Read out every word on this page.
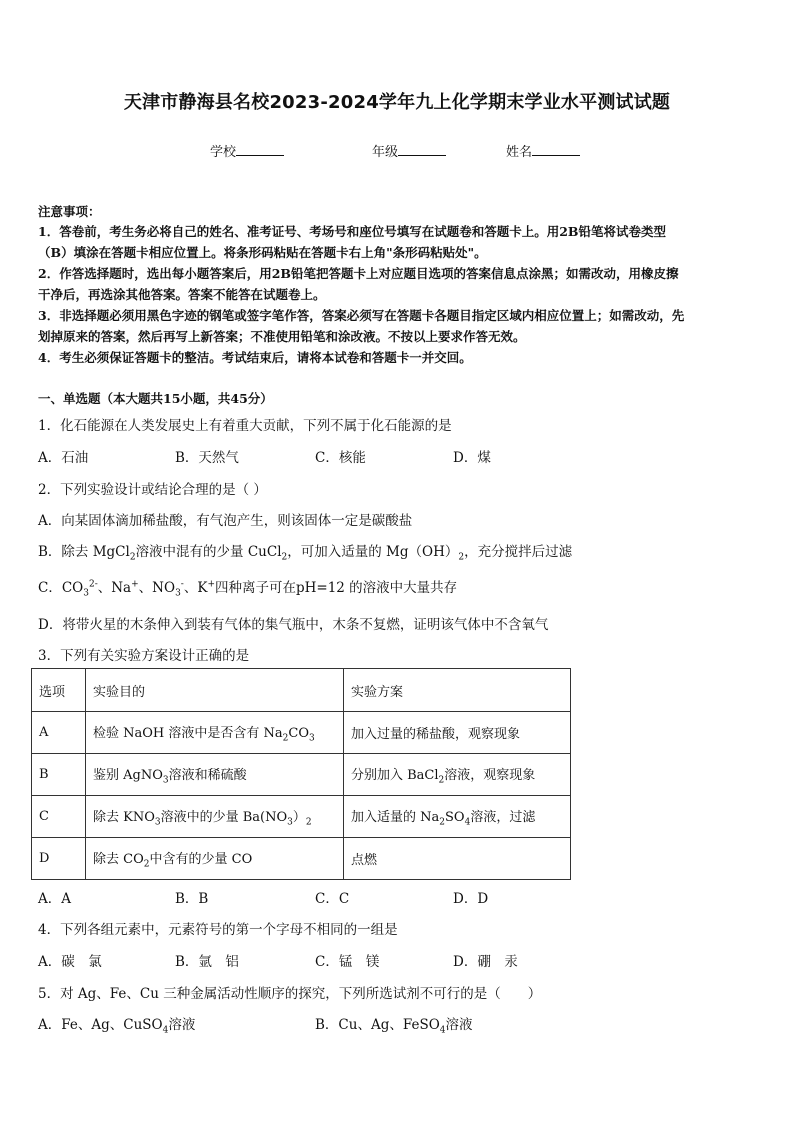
天津市静海县名校2023-2024学年九上化学期末学业水平测试试题
学校	年级	姓名
注意事项：
1．答卷前，考生务必将自己的姓名、准考证号、考场号和座位号填写在试题卷和答题卡上。用2B铅笔将试卷类型
（B）填涂在答题卡相应位置上。将条形码粘贴在答题卡右上角"条形码粘贴处"。
2．作答选择题时，选出每小题答案后，用2B铅笔把答题卡上对应题目选项的答案信息点涂黑；如需改动，用橡皮擦
干净后，再选涂其他答案。答案不能答在试题卷上。
3．非选择题必须用黑色字迹的钢笔或签字笔作答，答案必须写在答题卡各题目指定区域内相应位置上；如需改动，先
划掉原来的答案，然后再写上新答案；不准使用铅笔和涂改液。不按以上要求作答无效。
4．考生必须保证答题卡的整洁。考试结束后，请将本试卷和答题卡一并交回。
一、单选题（本大题共15小题，共45分）
1．化石能源在人类发展史上有着重大贡献，下列不属于化石能源的是
A．石油	B．天然气	C．核能	D．煤
2．下列实验设计或结论合理的是（ ）
A．向某固体滴加稀盐酸，有气泡产生，则该固体一定是碳酸盐
B．除去 MgCl$_2$溶液中混有的少量 CuCl$_2$，可加入适量的 $Mg(OH)_2$，充分搅拌后过滤
C．$CO_3^{2-}$、Na+、$NO_3^-$、K+四种离子可在pH=12 的溶液中大量共存
D．将带火星的木条伸入到装有气体的集气瓶中，木条不复燃，证明该气体中不含氧气
3．下列有关实验方案设计正确的是
选项	实验目的	实验方案
A	检验 NaOH 溶液中是否含有 $Na_2CO_3$	加入过量的稀盐酸，观察现象
B	鉴别 AgNO$_3$溶液和稀硫酸	分别加入 BaCl$_2$溶液，观察现象
C	除去 $KNO_3$溶液中的少量 $Ba(NO_3)_2$	加入适量的 $Na_2SO_4$溶液，过滤
D	除去 $CO_2$中含有的少量 CO	点燃
A．A	B．B	C．C	D．D
4．下列各组元素中，元素符号的第一个字母不相同的一组是
A．碳　氯	B．氩　铝	C．锰　镁	D．硼　汞
5．对 Ag、Fe、Cu 三种金属活动性顺序的探究，下列所选试剂不可行的是（　　）
A．Fe、Ag、CuSO$_4$溶液	B．Cu、Ag、FeSO$_4$溶液
